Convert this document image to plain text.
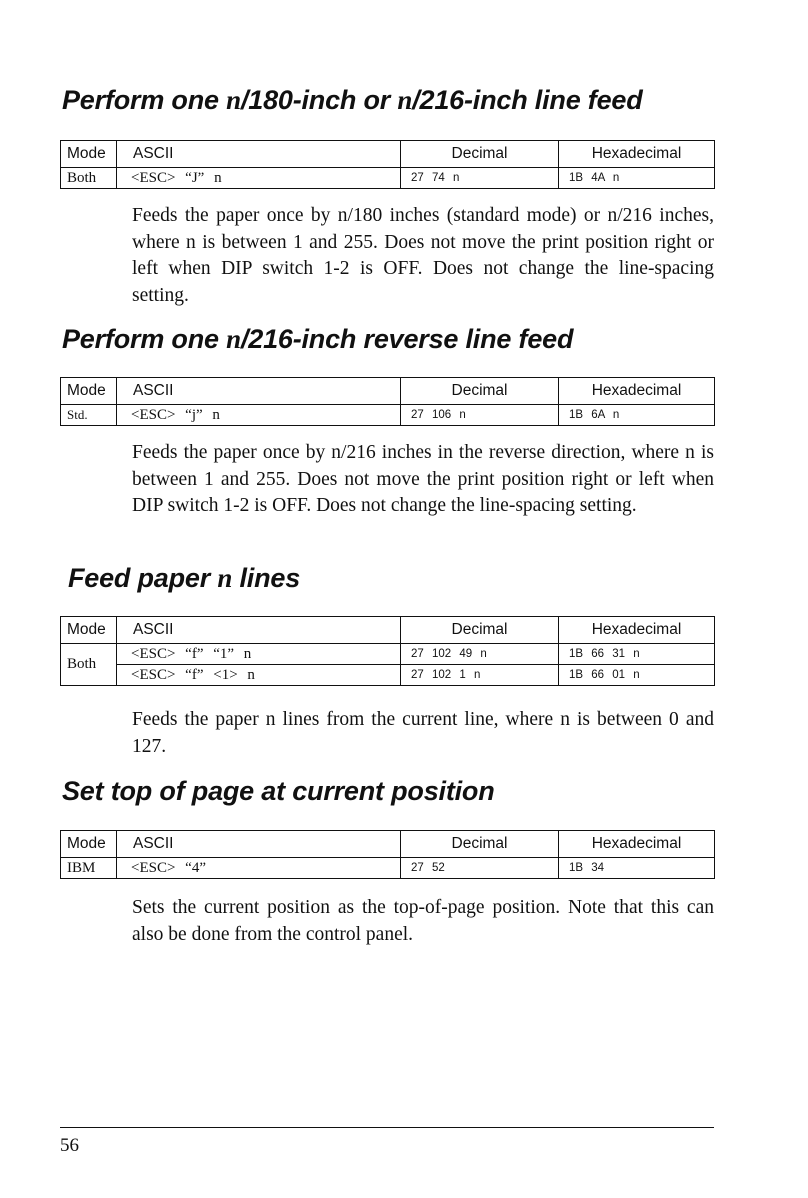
Perform one n/180-inch or n/216-inch line feed
Mode	ASCII	Decimal	Hexadecimal
Both	<ESC> “J” n	27 74 n	1B 4A n

Feeds the paper once by n/180 inches (standard mode) or n/216 inches, where n is between 1 and 255. Does not move the print position right or left when DIP switch 1-2 is OFF. Does not change the line-spacing setting.

Perform one n/216-inch reverse line feed
Mode	ASCII	Decimal	Hexadecimal
Std.	<ESC> “j” n	27 106 n	1B 6A n

Feeds the paper once by n/216 inches in the reverse direction, where n is between 1 and 255. Does not move the print position right or left when DIP switch 1-2 is OFF. Does not change the line-spacing setting.

Feed paper n lines
Mode	ASCII	Decimal	Hexadecimal
Both	<ESC> “f” “1” n	27 102 49 n	1B 66 31 n
	<ESC> “f” <1> n	27 102 1 n	1B 66 01 n

Feeds the paper n lines from the current line, where n is between 0 and 127.

Set top of page at current position
Mode	ASCII	Decimal	Hexadecimal
IBM	<ESC> “4”	27 52	1B 34

Sets the current position as the top-of-page position. Note that this can also be done from the control panel.

56
